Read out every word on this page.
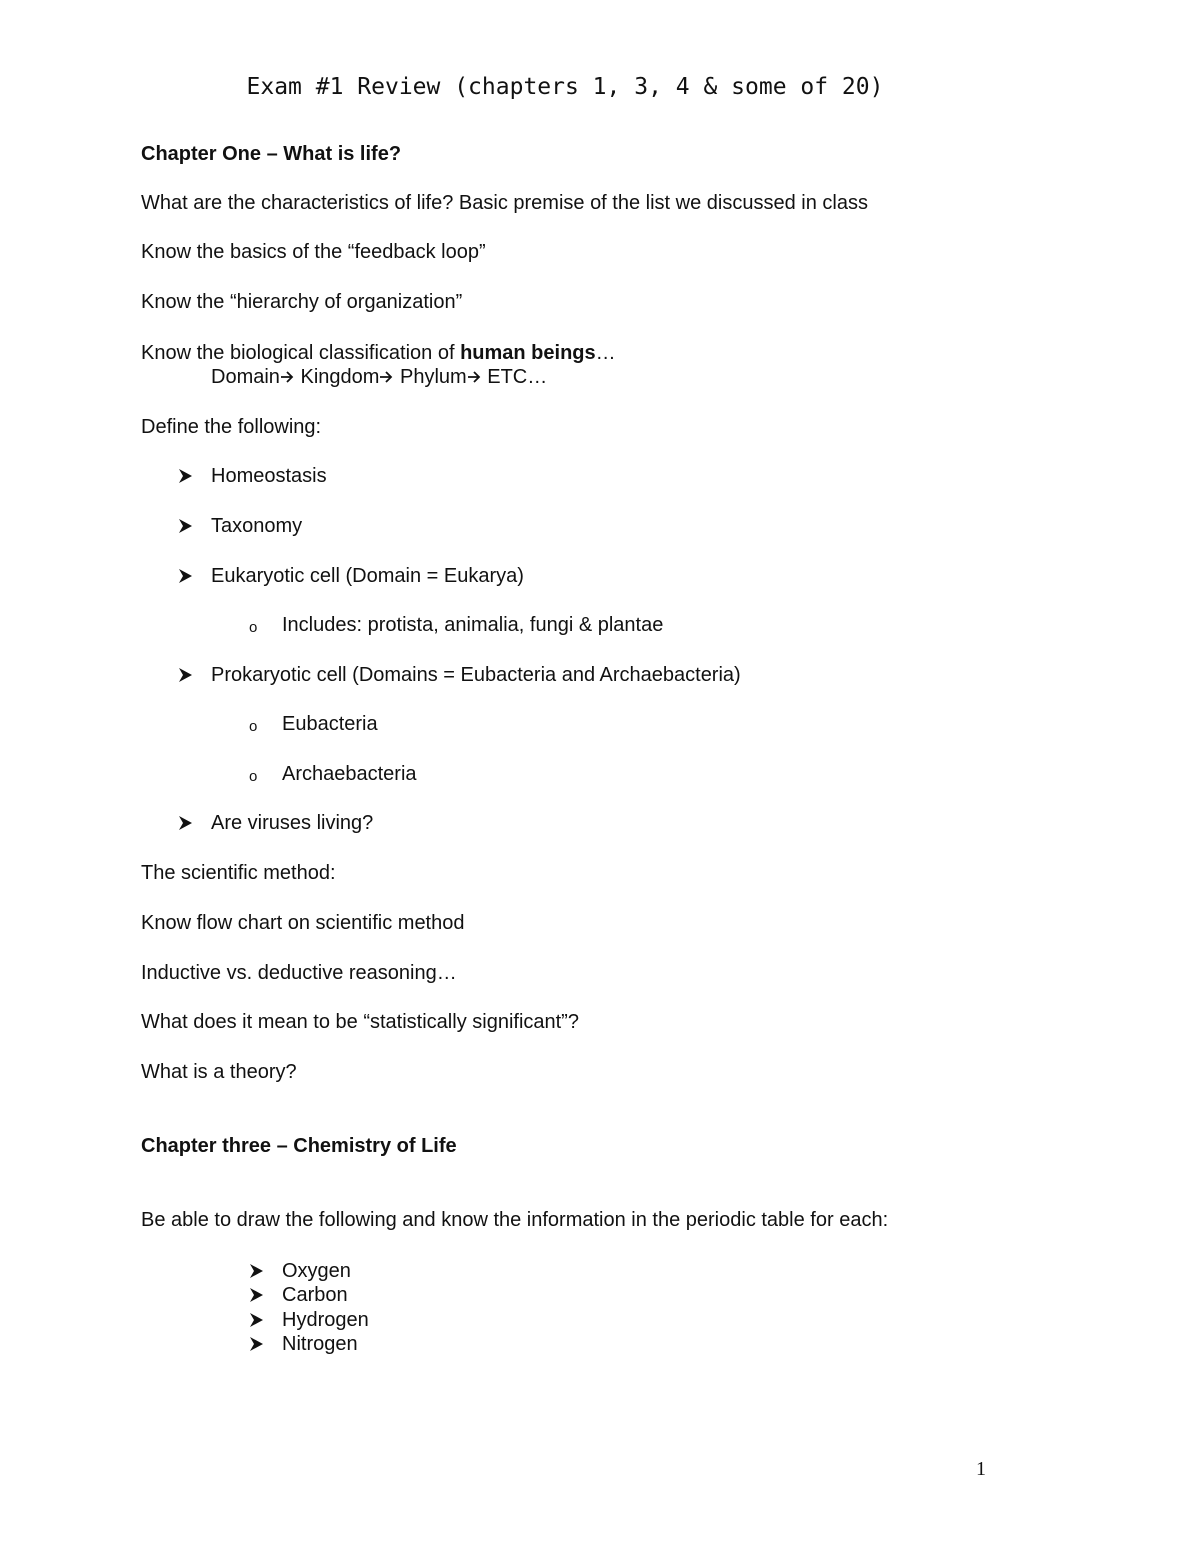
Exam #1 Review (chapters 1, 3, 4 & some of 20)
Chapter One – What is life?
What are the characteristics of life? Basic premise of the list we discussed in class
Know the basics of the “feedback loop”
Know the “hierarchy of organization”
Know the biological classification of human beings…
Domain Kingdom Phylum ETC…
Define the following:
Homeostasis
Taxonomy
Eukaryotic cell (Domain = Eukarya)
o Includes: protista, animalia, fungi & plantae
Prokaryotic cell (Domains = Eubacteria and Archaebacteria)
o Eubacteria
o Archaebacteria
Are viruses living?
The scientific method:
Know flow chart on scientific method
Inductive vs. deductive reasoning…
What does it mean to be “statistically significant”?
What is a theory?
Chapter three – Chemistry of Life
Be able to draw the following and know the information in the periodic table for each:
Oxygen
Carbon
Hydrogen
Nitrogen
1
